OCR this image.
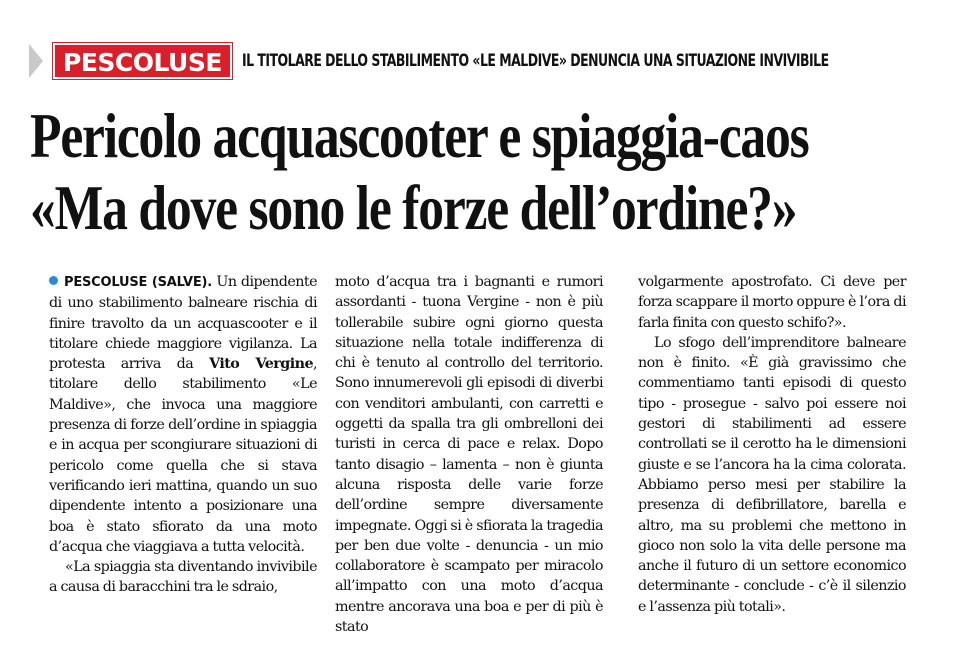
PESCOLUSE	IL TITOLARE DELLO STABILIMENTO «LE MALDIVE» DENUNCIA UNA SITUAZIONE INVIVIBILE
Pericolo acquascooter e spiaggia-caos
«Ma dove sono le forze dell’ordine?»

PESCOLUSE (SALVE). Un dipendente di uno stabilimento balneare rischia di finire travolto da un acquascooter e il titolare chiede maggiore vigilanza. La protesta arriva da Vito Vergine, titolare dello stabilimento «Le Maldive», che invoca una maggiore presenza di forze dell’ordine in spiaggia e in acqua per scongiurare situazioni di pericolo come quella che si stava verificando ieri mattina, quando un suo dipendente intento a posizionare una boa è stato sfiorato da una moto d’acqua che viaggiava a tutta velocità.

«La spiaggia sta diventando invivibile a causa di baracchini tra le sdraio,

moto d’acqua tra i bagnanti e rumori assordanti - tuona Vergine - non è più tollerabile subire ogni giorno questa situazione nella totale indifferenza di chi è tenuto al controllo del territorio. Sono innumerevoli gli episodi di diverbi con venditori ambulanti, con carretti e oggetti da spalla tra gli ombrelloni dei turisti in cerca di pace e relax. Dopo tanto disagio – lamenta – non è giunta alcuna risposta delle varie forze dell’ordine sempre diversamente impegnate. Oggi si è sfiorata la tragedia per ben due volte - denuncia - un mio collaboratore è scampato per miracolo all’impatto con una moto d’acqua mentre ancorava una boa e per di più è stato

volgarmente apostrofato. Ci deve per forza scappare il morto oppure è l’ora di farla finita con questo schifo?».

Lo sfogo dell’imprenditore balneare non è finito. «È già gravissimo che commentiamo tanti episodi di questo tipo - prosegue - salvo poi essere noi gestori di stabilimenti ad essere controllati se il cerotto ha le dimensioni giuste e se l’ancora ha la cima colorata. Abbiamo perso mesi per stabilire la presenza di defibrillatore, barella e altro, ma su problemi che mettono in gioco non solo la vita delle persone ma anche il futuro di un settore economico determinante - conclude - c’è il silenzio e l’assenza più totali».
